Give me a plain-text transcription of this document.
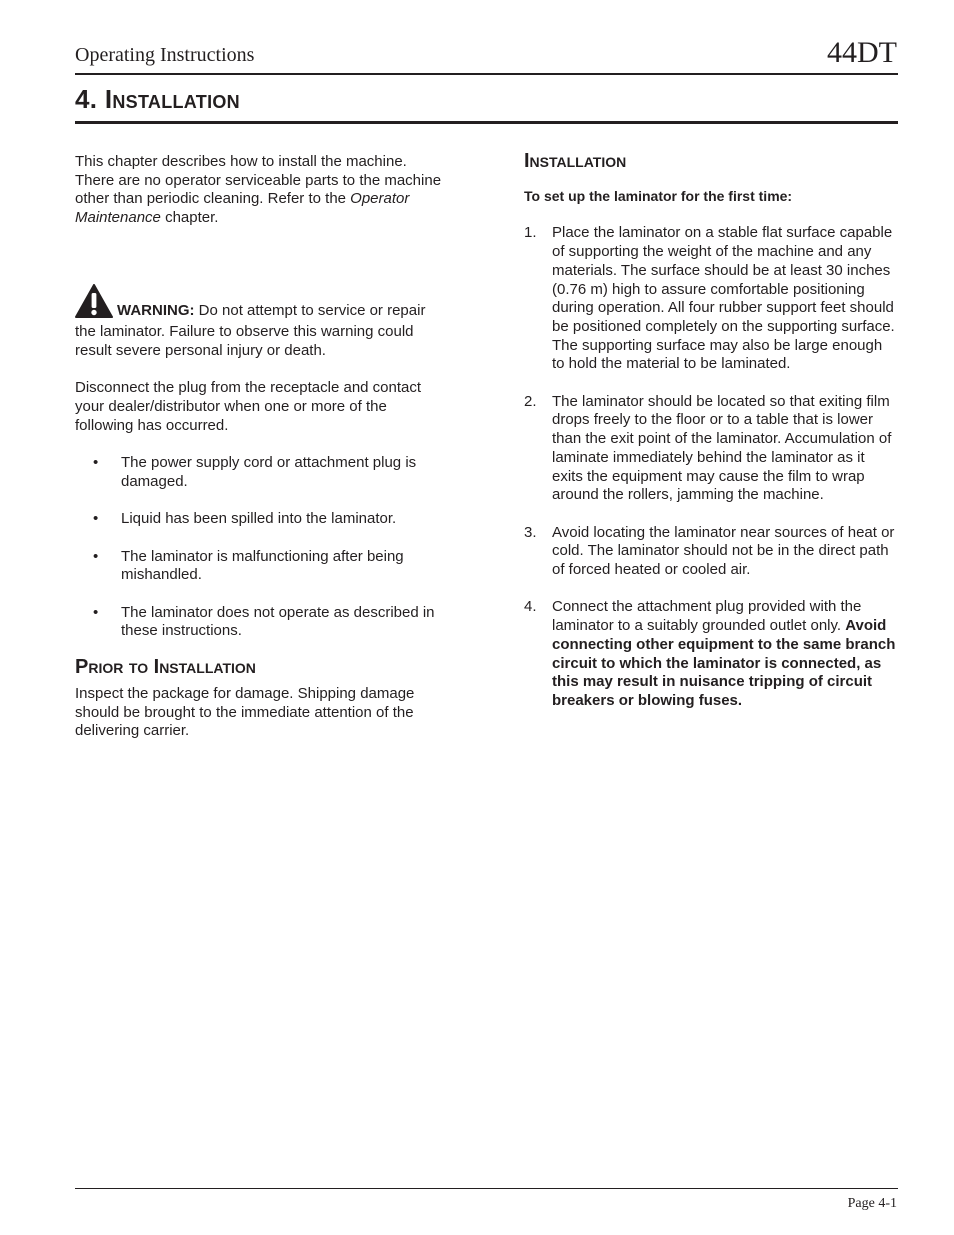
Operating Instructions	44DT
4. Installation

This chapter describes how to install the machine. There are no operator serviceable parts to the machine other than periodic cleaning. Refer to the Operator Maintenance chapter.

WARNING: Do not attempt to service or repair the laminator. Failure to observe this warning could result severe personal injury or death.

Disconnect the plug from the receptacle and contact your dealer/distributor when one or more of the following has occurred.

• The power supply cord or attachment plug is damaged.
• Liquid has been spilled into the laminator.
• The laminator is malfunctioning after being mishandled.
• The laminator does not operate as described in these instructions.
Prior to Installation

Inspect the package for damage. Shipping damage should be brought to the immediate attention of the delivering carrier.

Installation

To set up the laminator for the first time:

1. Place the laminator on a stable flat surface capable of supporting the weight of the machine and any materials. The surface should be at least 30 inches (0.76 m) high to assure comfortable positioning during operation. All four rubber support feet should be positioned completely on the supporting surface. The supporting surface may also be large enough to hold the material to be laminated.
2. The laminator should be located so that exiting film drops freely to the floor or to a table that is lower than the exit point of the laminator. Accumulation of laminate immediately behind the laminator as it exits the equipment may cause the film to wrap around the rollers, jamming the machine.
3. Avoid locating the laminator near sources of heat or cold. The laminator should not be in the direct path of forced heated or cooled air.
4. Connect the attachment plug provided with the laminator to a suitably grounded outlet only. Avoid connecting other equipment to the same branch circuit to which the laminator is connected, as this may result in nuisance tripping of circuit breakers or blowing fuses.
Page 4-1
